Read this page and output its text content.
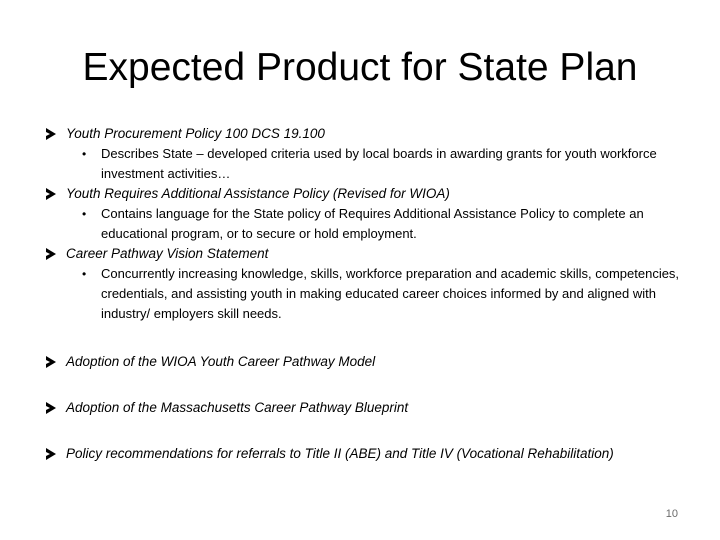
Expected Product for State Plan
Youth Procurement Policy 100 DCS 19.100
• Describes State – developed criteria used by local boards in awarding grants for youth workforce investment activities…
Youth Requires Additional Assistance Policy (Revised for WIOA)
• Contains language for the State policy of Requires Additional Assistance Policy to complete an educational program, or to secure or hold employment.
Career Pathway Vision Statement
• Concurrently increasing knowledge, skills, workforce preparation and academic skills, competencies, credentials, and assisting youth in making educated career choices informed by and aligned with industry/ employers skill needs.
Adoption of the WIOA Youth Career Pathway Model
Adoption of the Massachusetts Career Pathway Blueprint
Policy recommendations for referrals to Title II (ABE) and Title IV (Vocational Rehabilitation)
10
